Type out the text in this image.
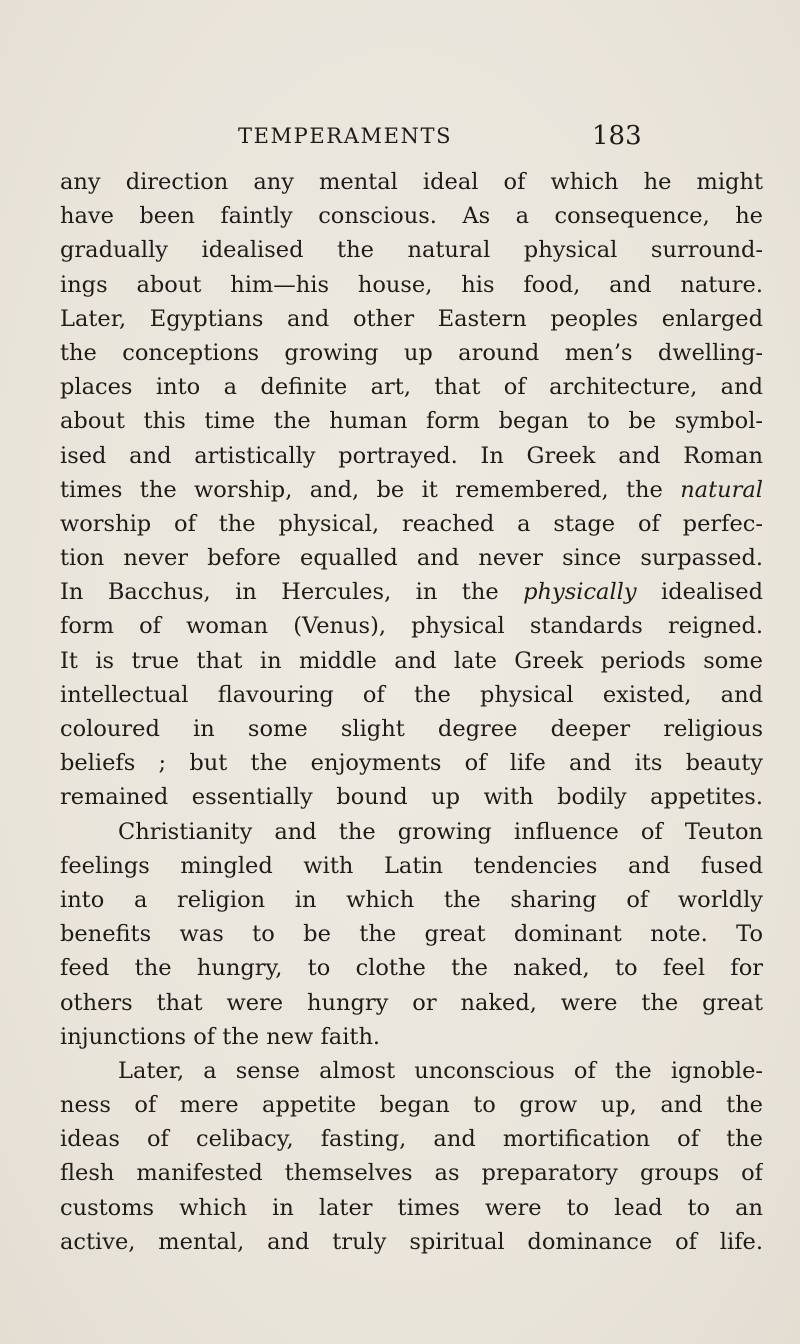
TEMPERAMENTS	183
any direction any mental ideal of which he might
have been faintly conscious. As a consequence, he
gradually idealised the natural physical surround-
ings about him—his house, his food, and nature.
Later, Egyptians and other Eastern peoples enlarged
the conceptions growing up around men’s dwelling-
places into a definite art, that of architecture, and
about this time the human form began to be symbol-
ised and artistically portrayed. In Greek and Roman
times the worship, and, be it remembered, the natural
worship of the physical, reached a stage of perfec-
tion never before equalled and never since surpassed.
In Bacchus, in Hercules, in the physically idealised
form of woman (Venus), physical standards reigned.
It is true that in middle and late Greek periods some
intellectual flavouring of the physical existed, and
coloured in some slight degree deeper religious
beliefs ; but the enjoyments of life and its beauty
remained essentially bound up with bodily appetites.
Christianity and the growing influence of Teuton
feelings mingled with Latin tendencies and fused
into a religion in which the sharing of worldly
benefits was to be the great dominant note. To
feed the hungry, to clothe the naked, to feel for
others that were hungry or naked, were the great
injunctions of the new faith.
Later, a sense almost unconscious of the ignoble-
ness of mere appetite began to grow up, and the
ideas of celibacy, fasting, and mortification of the
flesh manifested themselves as preparatory groups of
customs which in later times were to lead to an
active, mental, and truly spiritual dominance of life.
